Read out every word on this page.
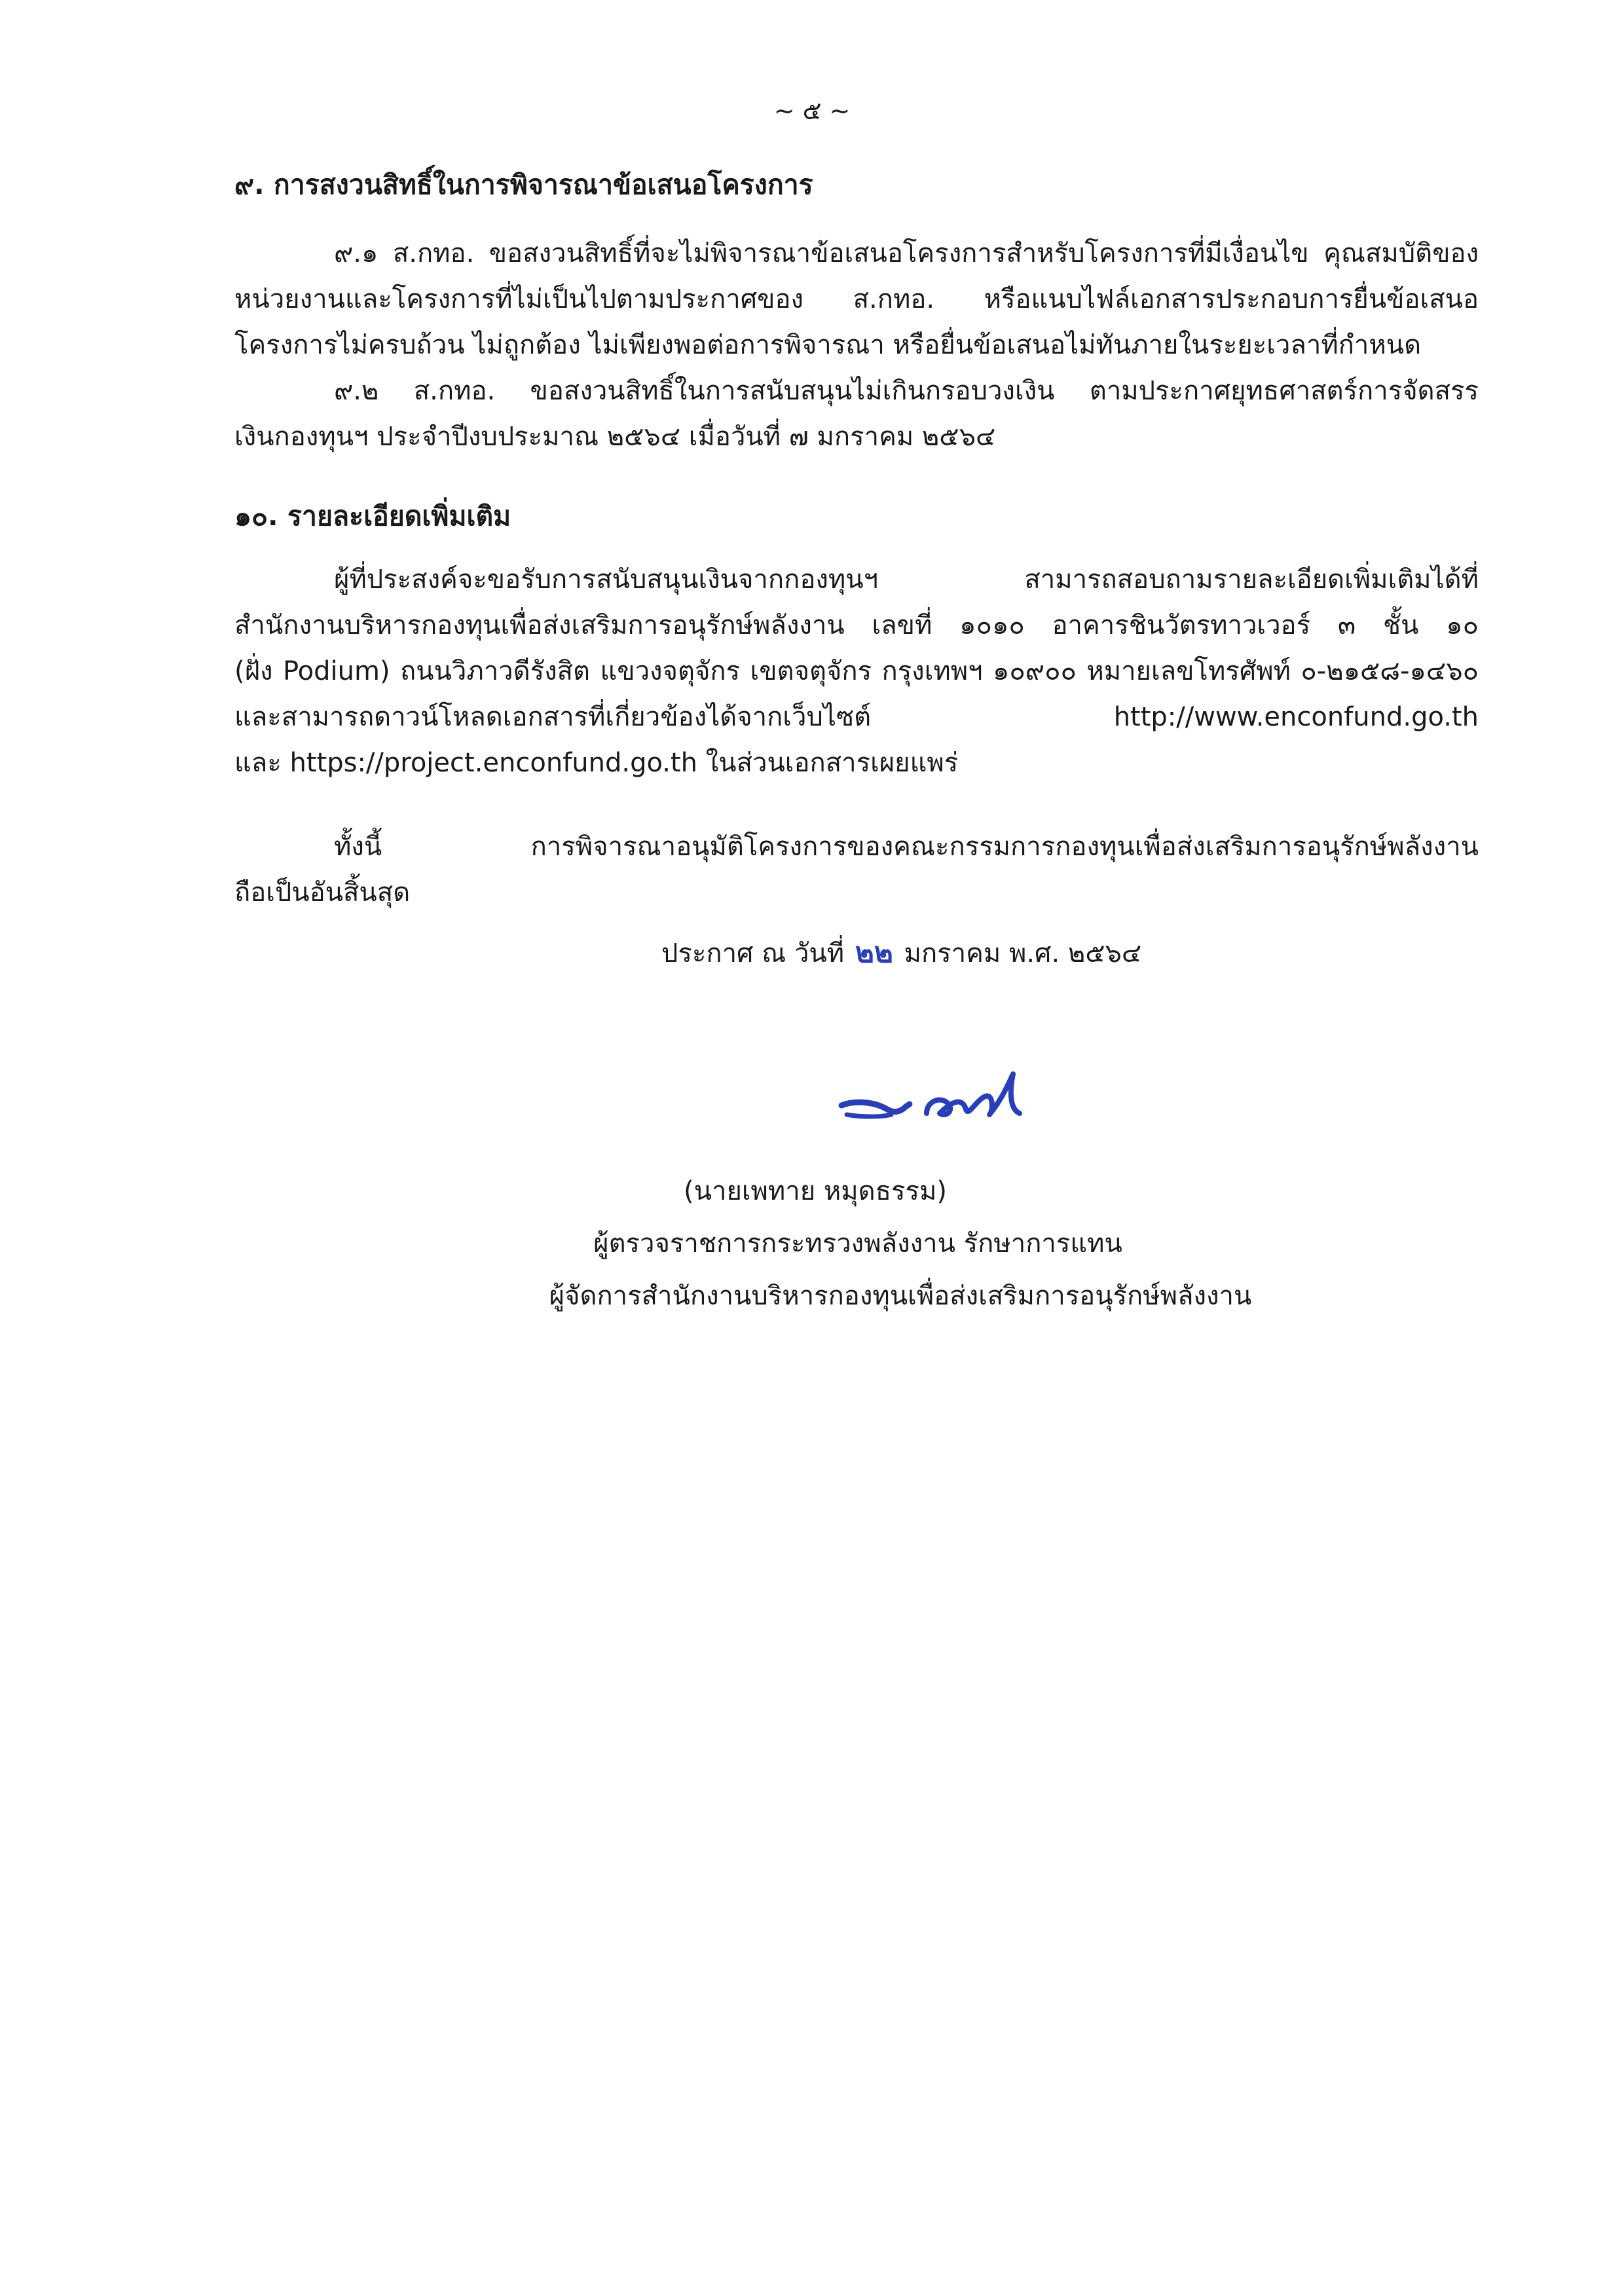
~ ๕ ~
๙. การสงวนสิทธิ์ในการพิจารณาข้อเสนอโครงการ
๙.๑ ส.กทอ. ขอสงวนสิทธิ์ที่จะไม่พิจารณาข้อเสนอโครงการสำหรับโครงการที่มีเงื่อนไข คุณสมบัติของ
หน่วยงานและโครงการที่ไม่เป็นไปตามประกาศของ ส.กทอ. หรือแนบไฟล์เอกสารประกอบการยื่นข้อเสนอ
โครงการไม่ครบถ้วน ไม่ถูกต้อง ไม่เพียงพอต่อการพิจารณา หรือยื่นข้อเสนอไม่ทันภายในระยะเวลาที่กำหนด
๙.๒ ส.กทอ. ขอสงวนสิทธิ์ในการสนับสนุนไม่เกินกรอบวงเงิน ตามประกาศยุทธศาสตร์การจัดสรร
เงินกองทุนฯ ประจำปีงบประมาณ ๒๕๖๔ เมื่อวันที่ ๗ มกราคม ๒๕๖๔
๑๐. รายละเอียดเพิ่มเติม
ผู้ที่ประสงค์จะขอรับการสนับสนุนเงินจากกองทุนฯ สามารถสอบถามรายละเอียดเพิ่มเติมได้ที่
สำนักงานบริหารกองทุนเพื่อส่งเสริมการอนุรักษ์พลังงาน เลขที่ ๑๐๑๐ อาคารชินวัตรทาวเวอร์ ๓ ชั้น ๑๐
(ฝั่ง Podium) ถนนวิภาวดีรังสิต แขวงจตุจักร เขตจตุจักร กรุงเทพฯ ๑๐๙๐๐ หมายเลขโทรศัพท์ ๐-๒๑๕๘-๑๔๖๐
และสามารถดาวน์โหลดเอกสารที่เกี่ยวข้องได้จากเว็บไซต์ http://www.enconfund.go.th
และ https://project.enconfund.go.th ในส่วนเอกสารเผยแพร่
ทั้งนี้ การพิจารณาอนุมัติโครงการของคณะกรรมการกองทุนเพื่อส่งเสริมการอนุรักษ์พลังงาน
ถือเป็นอันสิ้นสุด
ประกาศ ณ วันที่ ๒๒ มกราคม พ.ศ. ๒๕๖๔
(นายเพทาย หมุดธรรม)
ผู้ตรวจราชการกระทรวงพลังงาน รักษาการแทน
ผู้จัดการสำนักงานบริหารกองทุนเพื่อส่งเสริมการอนุรักษ์พลังงาน
